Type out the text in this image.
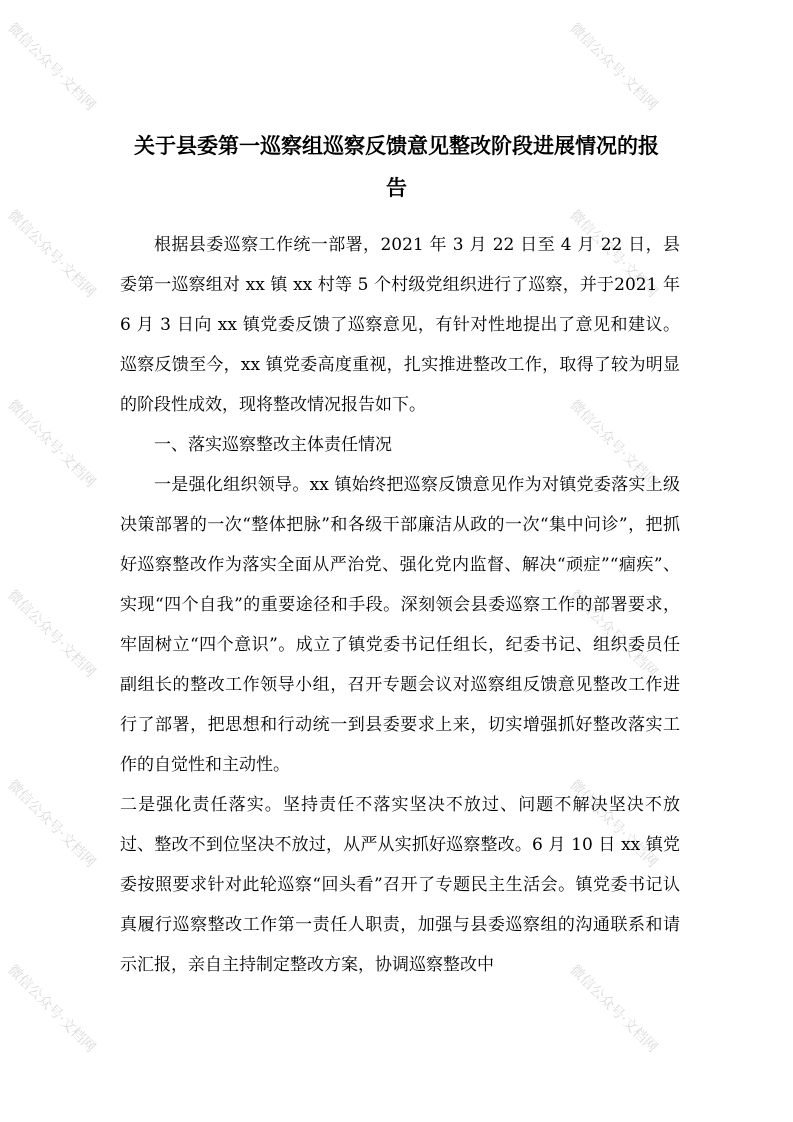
微信公众号·文档网	微信公众号·文档网
微信公众号·文档网	微信公众号·文档网
微信公众号·文档网	微信公众号·文档网
微信公众号·文档网	微信公众号·文档网
微信公众号·文档网	微信公众号·文档网
微信公众号·文档网	微信公众号·文档网
关于县委第一巡察组巡察反馈意见整改阶段进展情况的报
告

根据县委巡察工作统一部署，2021 年 3 月 22 日至 4 月 22 日，县委第一巡察组对 xx 镇 xx 村等 5 个村级党组织进行了巡察，并于2021 年 6 月 3 日向 xx 镇党委反馈了巡察意见，有针对性地提出了意见和建议。巡察反馈至今，xx 镇党委高度重视，扎实推进整改工作，取得了较为明显的阶段性成效，现将整改情况报告如下。

一、落实巡察整改主体责任情况

一是强化组织领导。xx 镇始终把巡察反馈意见作为对镇党委落实上级决策部署的一次“整体把脉”和各级干部廉洁从政的一次“集中问诊”，把抓好巡察整改作为落实全面从严治党、强化党内监督、解决“顽症”“痼疾”、实现“四个自我”的重要途径和手段。深刻领会县委巡察工作的部署要求，牢固树立“四个意识”。成立了镇党委书记任组长，纪委书记、组织委员任副组长的整改工作领导小组，召开专题会议对巡察组反馈意见整改工作进行了部署，把思想和行动统一到县委要求上来，切实增强抓好整改落实工作的自觉性和主动性。

二是强化责任落实。坚持责任不落实坚决不放过、问题不解决坚决不放过、整改不到位坚决不放过，从严从实抓好巡察整改。6 月 10 日 xx 镇党委按照要求针对此轮巡察“回头看”召开了专题民主生活会。镇党委书记认真履行巡察整改工作第一责任人职责，加强与县委巡察组的沟通联系和请示汇报，亲自主持制定整改方案，协调巡察整改中
